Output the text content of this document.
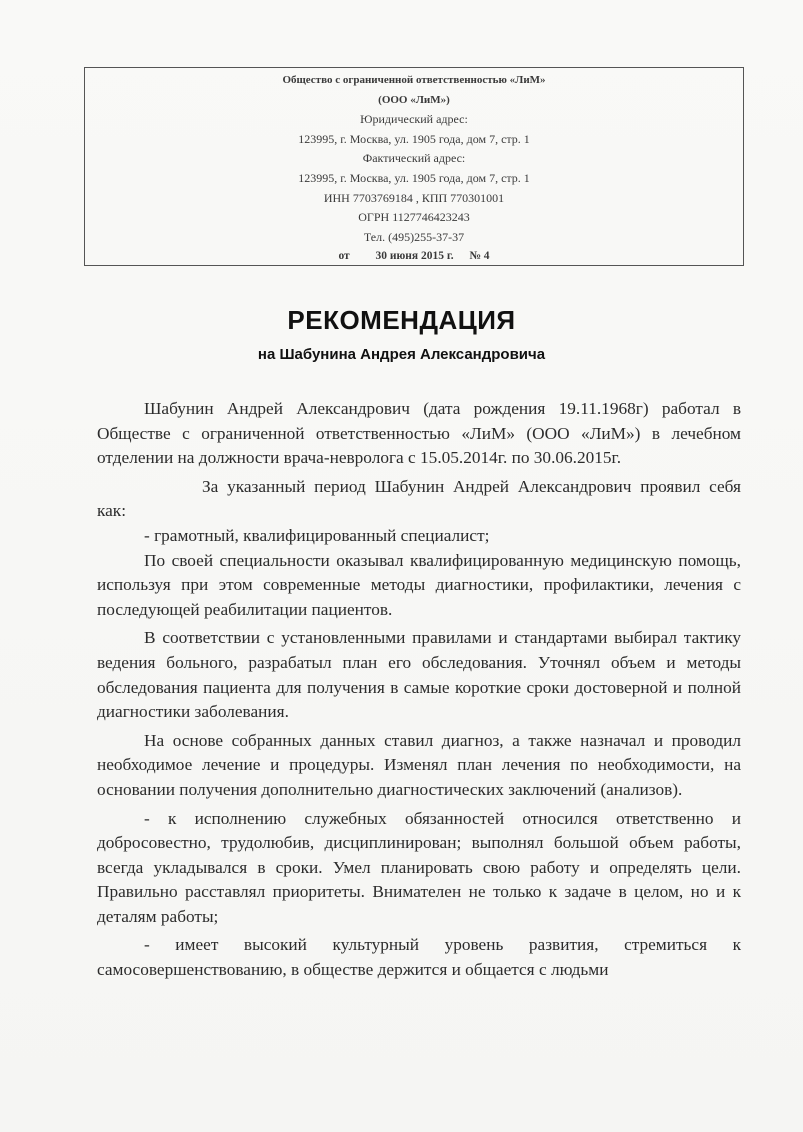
Общество с ограниченной ответственностью «ЛиМ»
(ООО «ЛиМ»)
Юридический адрес:
123995, г. Москва, ул. 1905 года, дом 7, стр. 1
Фактический адрес:
123995, г. Москва, ул. 1905 года, дом 7, стр. 1
ИНН 7703769184 , КПП 770301001
ОГРН 1127746423243
Тел. (495)255-37-37
от 30 июня 2015 г. № 4
РЕКОМЕНДАЦИЯ
на Шабунина Андрея Александровича

Шабунин Андрей Александрович (дата рождения 19.11.1968г) работал в Обществе с ограниченной ответственностью «ЛиМ» (ООО «ЛиМ») в лечебном отделении на должности врача-невролога с 15.05.2014г. по 30.06.2015г.

За указанный период Шабунин Андрей Александрович проявил себя как:

- грамотный, квалифицированный специалист;

По своей специальности оказывал квалифицированную медицинскую помощь, используя при этом современные методы диагностики, профилактики, лечения с последующей реабилитации пациентов.

В соответствии с установленными правилами и стандартами выбирал тактику ведения больного, разрабатыл план его обследования. Уточнял объем и методы обследования пациента для получения в самые короткие сроки достоверной и полной диагностики заболевания.

На основе собранных данных ставил диагноз, а также назначал и проводил необходимое лечение и процедуры. Изменял план лечения по необходимости, на основании получения дополнительно диагностических заключений (анализов).

- к исполнению служебных обязанностей относился ответственно и добросовестно, трудолюбив, дисциплинирован; выполнял большой объем работы, всегда укладывался в сроки. Умел планировать свою работу и определять цели. Правильно расставлял приоритеты. Внимателен не только к задаче в целом, но и к деталям работы;

- имеет высокий культурный уровень развития, стремиться к самосовершенствованию, в обществе держится и общается с людьми
